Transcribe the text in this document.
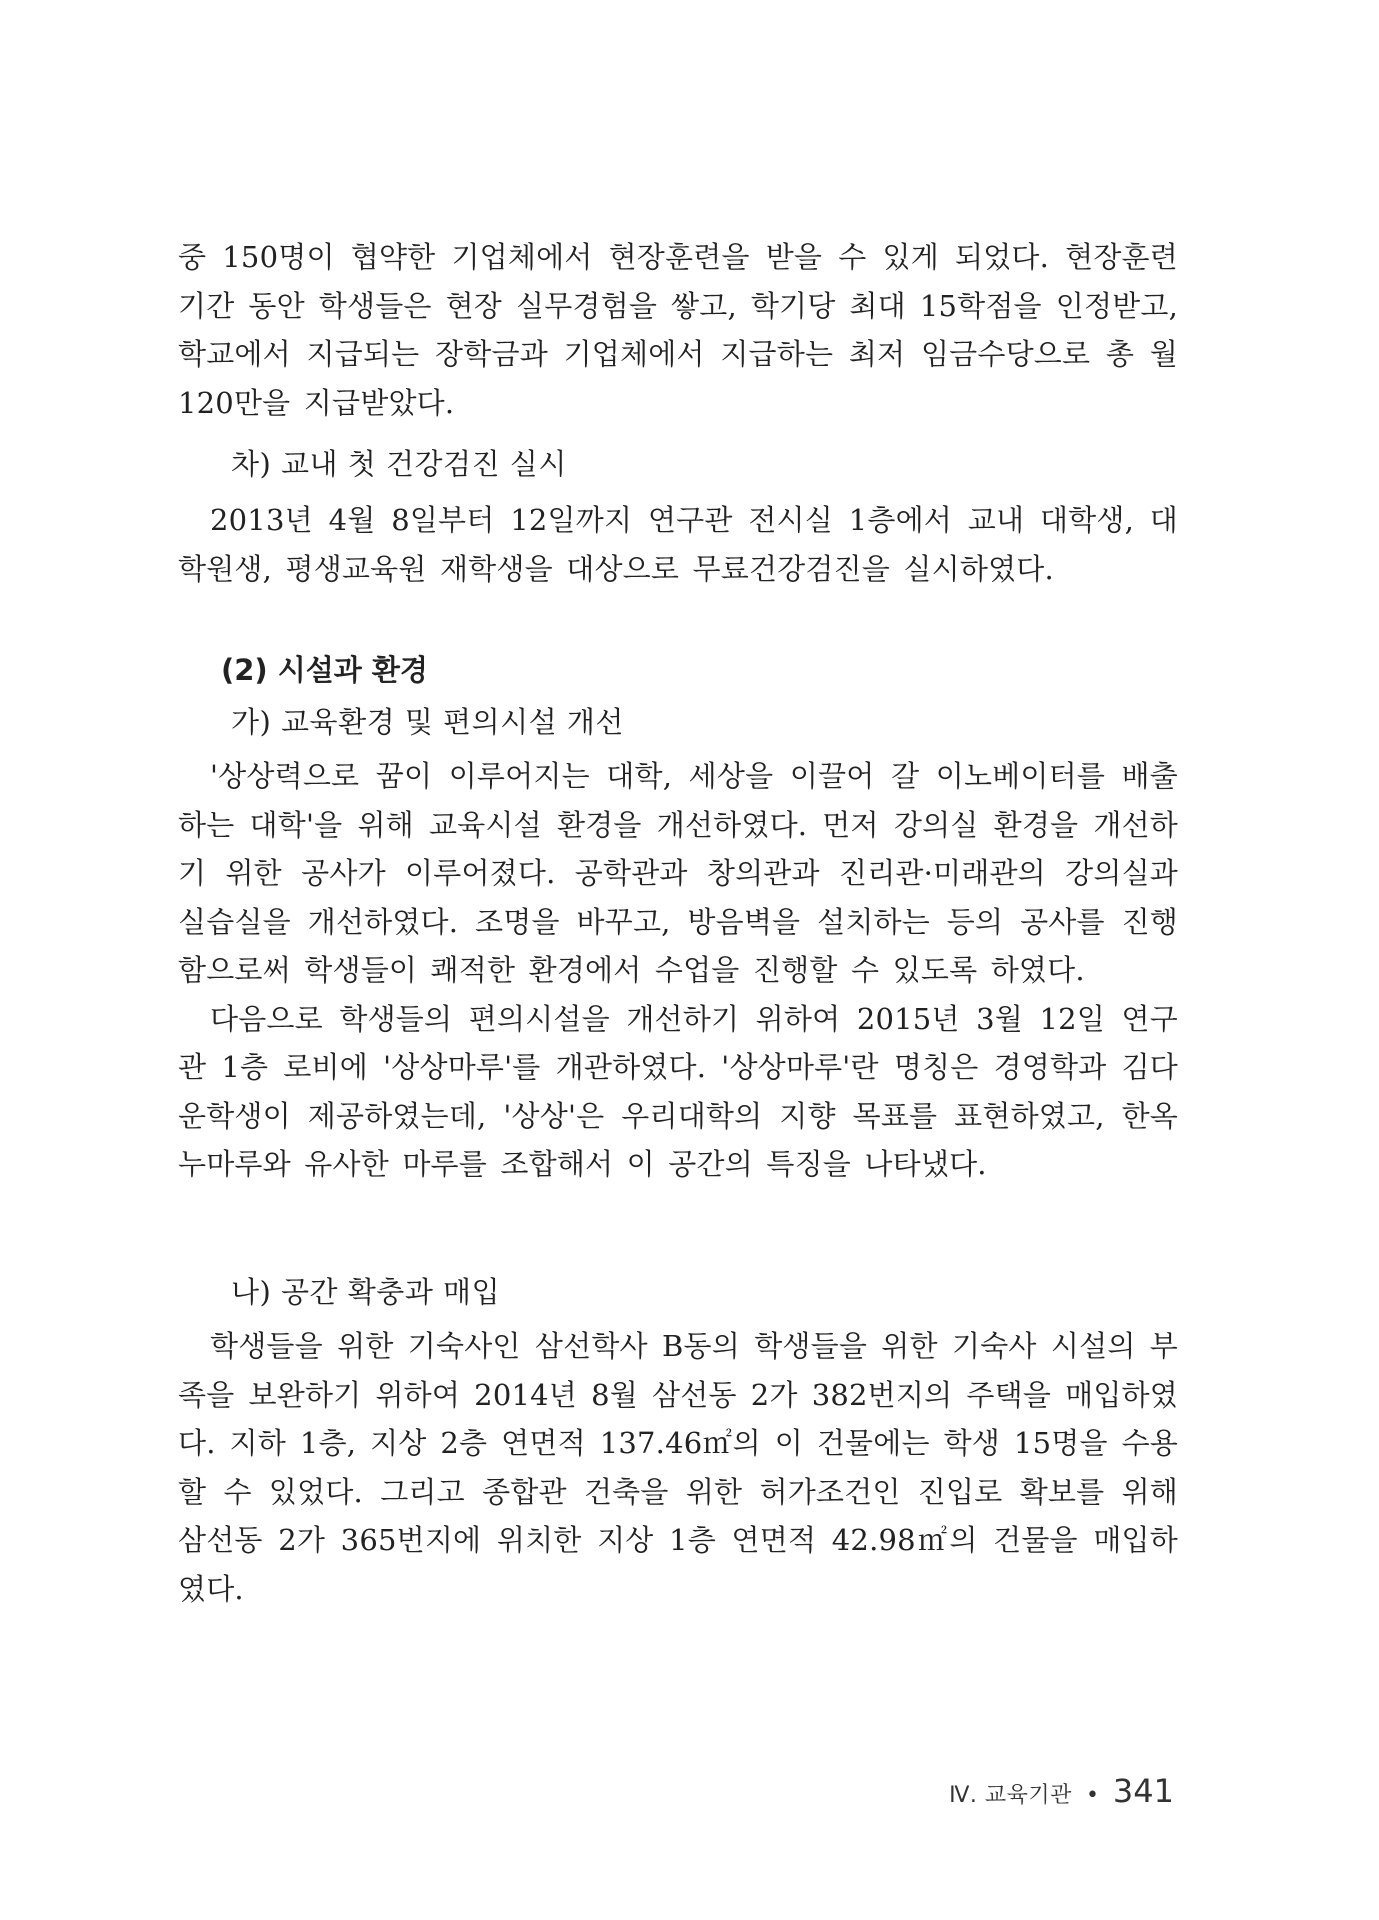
중 150명이 협약한 기업체에서 현장훈련을 받을 수 있게 되었다. 현장훈련 기간 동안 학생들은 현장 실무경험을 쌓고, 학기당 최대 15학점을 인정받고, 학교에서 지급되는 장학금과 기업체에서 지급하는 최저 임금수당으로 총 월 120만을 지급받았다.
차) 교내 첫 건강검진 실시
2013년 4월 8일부터 12일까지 연구관 전시실 1층에서 교내 대학생, 대학원생, 평생교육원 재학생을 대상으로 무료건강검진을 실시하였다.
(2) 시설과 환경
가) 교육환경 및 편의시설 개선
'상상력으로 꿈이 이루어지는 대학, 세상을 이끌어 갈 이노베이터를 배출하는 대학'을 위해 교육시설 환경을 개선하였다. 먼저 강의실 환경을 개선하기 위한 공사가 이루어졌다. 공학관과 창의관과 진리관·미래관의 강의실과 실습실을 개선하였다. 조명을 바꾸고, 방음벽을 설치하는 등의 공사를 진행함으로써 학생들이 쾌적한 환경에서 수업을 진행할 수 있도록 하였다.
다음으로 학생들의 편의시설을 개선하기 위하여 2015년 3월 12일 연구관 1층 로비에 '상상마루'를 개관하였다. '상상마루'란 명칭은 경영학과 김다운학생이 제공하였는데, '상상'은 우리대학의 지향 목표를 표현하였고, 한옥 누마루와 유사한 마루를 조합해서 이 공간의 특징을 나타냈다.
나) 공간 확충과 매입
학생들을 위한 기숙사인 삼선학사 B동의 학생들을 위한 기숙사 시설의 부족을 보완하기 위하여 2014년 8월 삼선동 2가 382번지의 주택을 매입하였다. 지하 1층, 지상 2층 연면적 137.46㎡의 이 건물에는 학생 15명을 수용할 수 있었다. 그리고 종합관 건축을 위한 허가조건인 진입로 확보를 위해 삼선동 2가 365번지에 위치한 지상 1층 연면적 42.98㎡의 건물을 매입하였다.
Ⅳ. 교육기관 • 341
